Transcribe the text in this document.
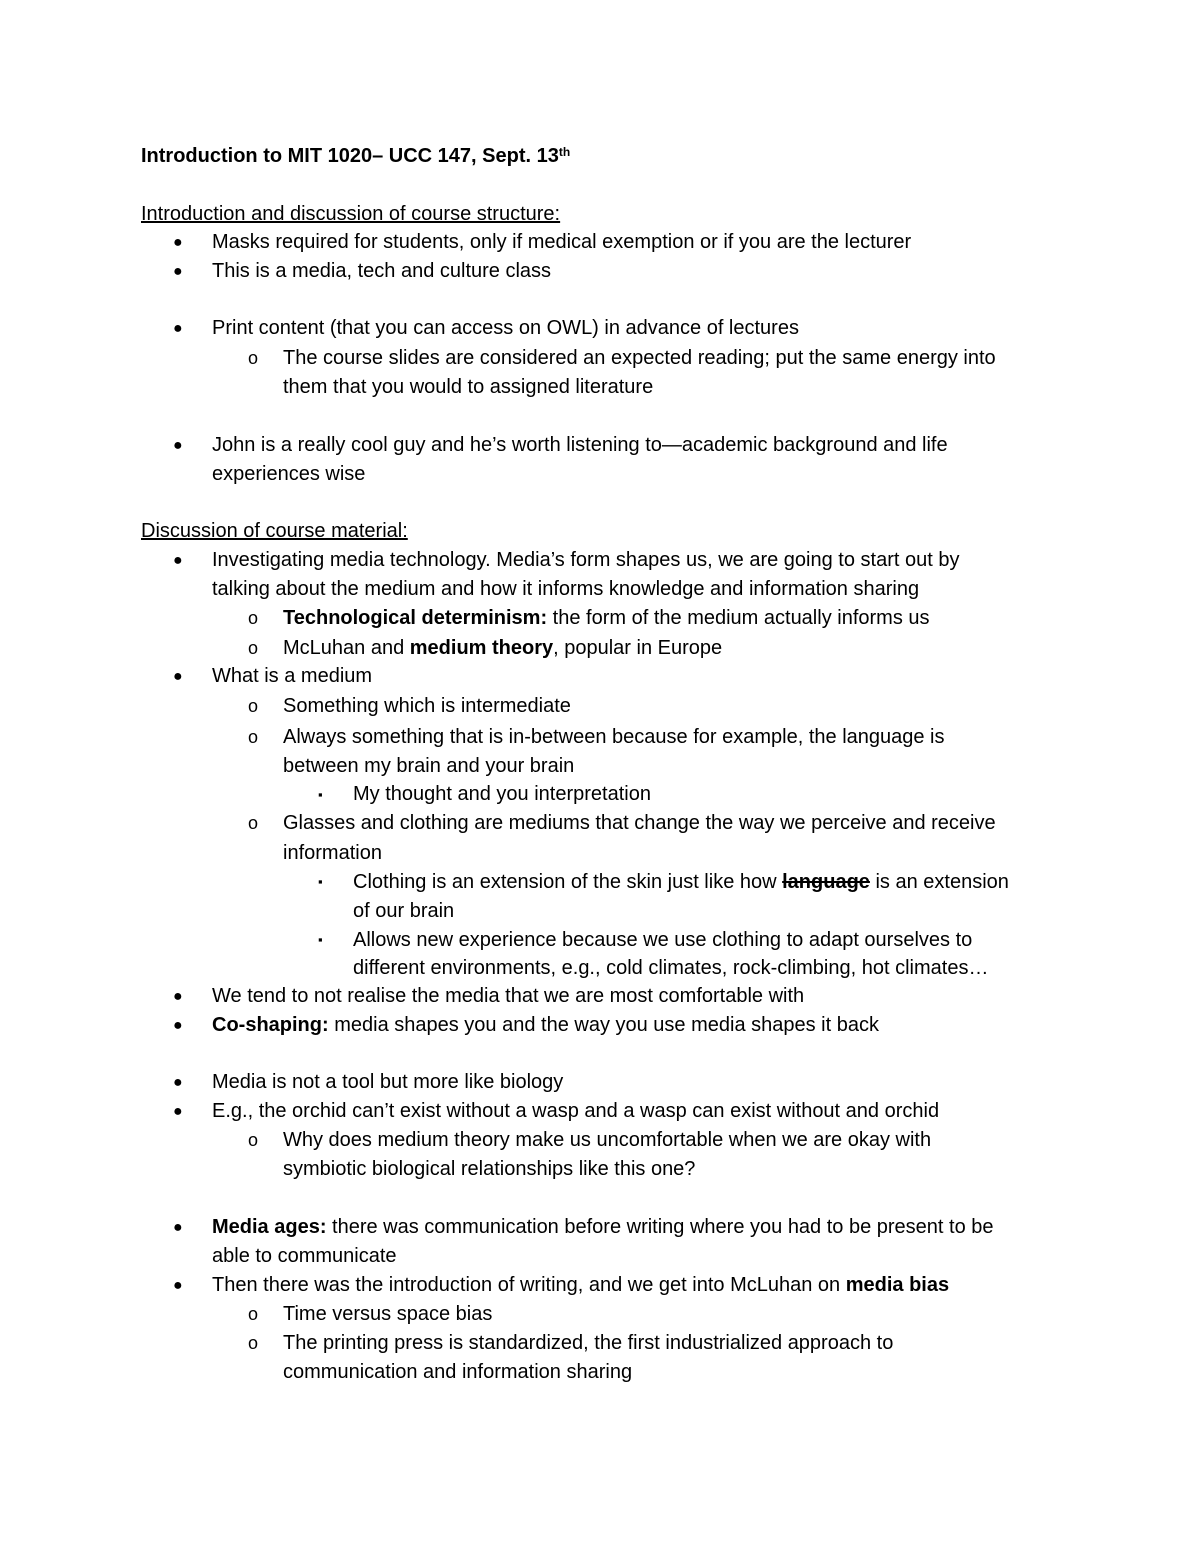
Introduction to MIT 1020– UCC 147, Sept. 13th
Introduction and discussion of course structure:
● Masks required for students, only if medical exemption or if you are the lecturer
● This is a media, tech and culture class
● Print content (that you can access on OWL) in advance of lectures
o The course slides are considered an expected reading; put the same energy into
them that you would to assigned literature
● John is a really cool guy and he’s worth listening to—academic background and life
experiences wise
Discussion of course material:
● Investigating media technology. Media’s form shapes us, we are going to start out by
talking about the medium and how it informs knowledge and information sharing
o Technological determinism: the form of the medium actually informs us
o McLuhan and medium theory, popular in Europe
● What is a medium
o Something which is intermediate
o Always something that is in-between because for example, the language is
between my brain and your brain
▪ My thought and you interpretation
o Glasses and clothing are mediums that change the way we perceive and receive
information
▪ Clothing is an extension of the skin just like how language is an extension
of our brain
▪ Allows new experience because we use clothing to adapt ourselves to
different environments, e.g., cold climates, rock-climbing, hot climates…
● We tend to not realise the media that we are most comfortable with
● Co-shaping: media shapes you and the way you use media shapes it back
● Media is not a tool but more like biology
● E.g., the orchid can’t exist without a wasp and a wasp can exist without and orchid
o Why does medium theory make us uncomfortable when we are okay with
symbiotic biological relationships like this one?
● Media ages: there was communication before writing where you had to be present to be
able to communicate
● Then there was the introduction of writing, and we get into McLuhan on media bias
o Time versus space bias
o The printing press is standardized, the first industrialized approach to
communication and information sharing
